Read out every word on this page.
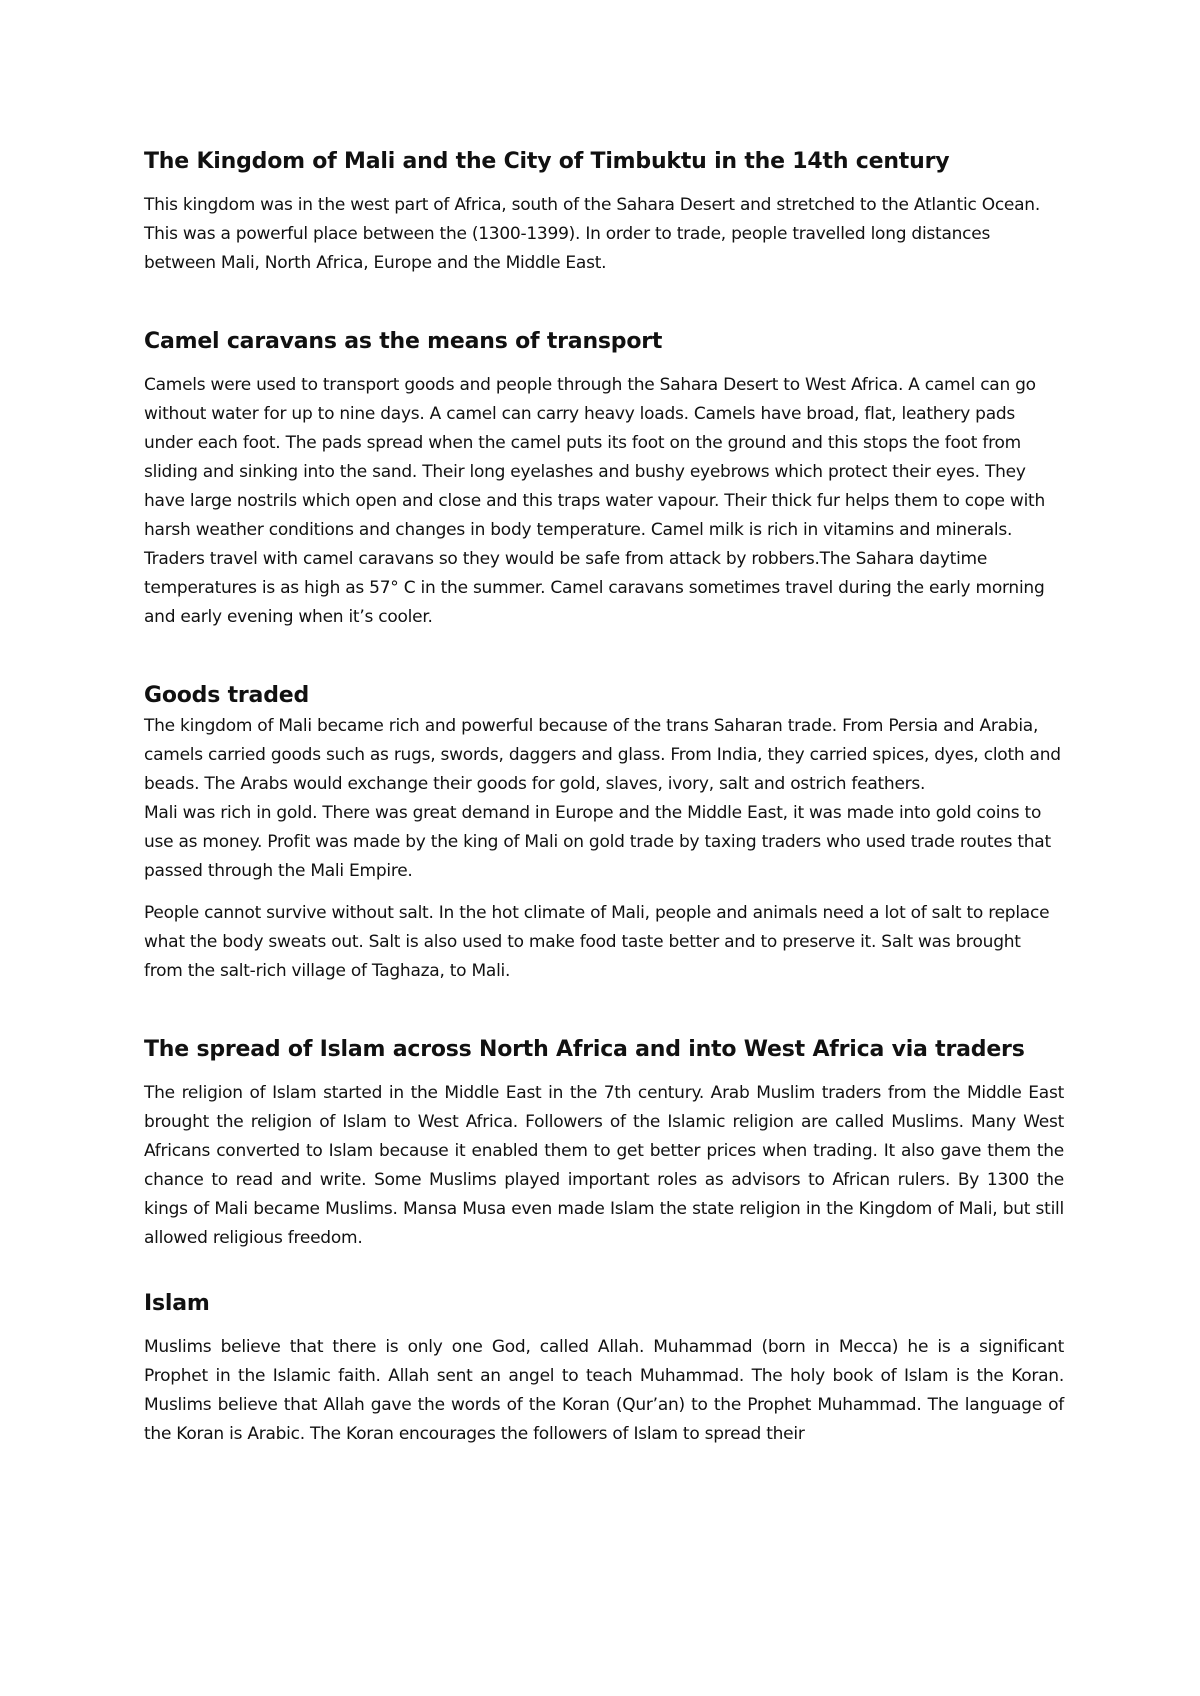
The Kingdom of Mali and the City of Timbuktu in the 14th century

This kingdom was in the west part of Africa, south of the Sahara Desert and stretched to the Atlantic Ocean. This was a powerful place between the (1300-1399). In order to trade, people travelled long distances between Mali, North Africa, Europe and the Middle East.

Camel caravans as the means of transport

Camels were used to transport goods and people through the Sahara Desert to West Africa. A camel can go without water for up to nine days. A camel can carry heavy loads. Camels have broad, flat, leathery pads under each foot. The pads spread when the camel puts its foot on the ground and this stops the foot from sliding and sinking into the sand. Their long eyelashes and bushy eyebrows which protect their eyes. They have large nostrils which open and close and this traps water vapour. Their thick fur helps them to cope with harsh weather conditions and changes in body temperature. Camel milk is rich in vitamins and minerals. Traders travel with camel caravans so they would be safe from attack by robbers.The Sahara daytime temperatures is as high as 57° C in the summer. Camel caravans sometimes travel during the early morning and early evening when it’s cooler.

Goods traded

The kingdom of Mali became rich and powerful because of the trans Saharan trade. From Persia and Arabia, camels carried goods such as rugs, swords, daggers and glass. From India, they carried spices, dyes, cloth and beads. The Arabs would exchange their goods for gold, slaves, ivory, salt and ostrich feathers.

Mali was rich in gold. There was great demand in Europe and the Middle East, it was made into gold coins to use as money. Profit was made by the king of Mali on gold trade by taxing traders who used trade routes that passed through the Mali Empire.

People cannot survive without salt. In the hot climate of Mali, people and animals need a lot of salt to replace what the body sweats out. Salt is also used to make food taste better and to preserve it. Salt was brought from the salt-rich village of Taghaza, to Mali.

The spread of Islam across North Africa and into West Africa via traders

The religion of Islam started in the Middle East in the 7th century. Arab Muslim traders from the Middle East brought the religion of Islam to West Africa. Followers of the Islamic religion are called Muslims. Many West Africans converted to Islam because it enabled them to get better prices when trading. It also gave them the chance to read and write. Some Muslims played important roles as advisors to African rulers. By 1300 the kings of Mali became Muslims. Mansa Musa even made Islam the state religion in the Kingdom of Mali, but still allowed religious freedom.

Islam

Muslims believe that there is only one God, called Allah. Muhammad (born in Mecca) he is a significant Prophet in the Islamic faith. Allah sent an angel to teach Muhammad. The holy book of Islam is the Koran. Muslims believe that Allah gave the words of the Koran (Qur’an) to the Prophet Muhammad. The language of the Koran is Arabic. The Koran encourages the followers of Islam to spread their
